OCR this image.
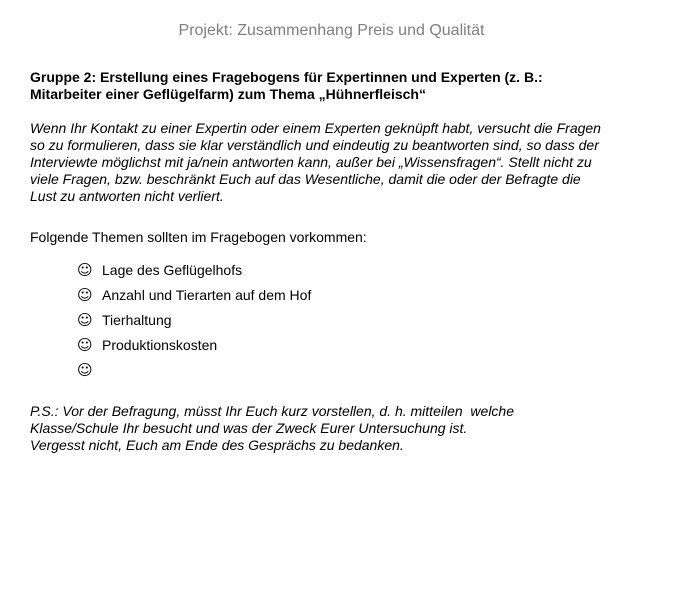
Projekt: Zusammenhang Preis und Qualität
Gruppe 2: Erstellung eines Fragebogens für Expertinnen und Experten (z. B.:
Mitarbeiter einer Geflügelfarm) zum Thema „Hühnerfleisch“
Wenn Ihr Kontakt zu einer Expertin oder einem Experten geknüpft habt, versucht die Fragen
so zu formulieren, dass sie klar verständlich und eindeutig zu beantworten sind, so dass der
Interviewte möglichst mit ja/nein antworten kann, außer bei „Wissensfragen“. Stellt nicht zu
viele Fragen, bzw. beschränkt Euch auf das Wesentliche, damit die oder der Befragte die
Lust zu antworten nicht verliert.
Folgende Themen sollten im Fragebogen vorkommen:
☺ Lage des Geflügelhofs
☺ Anzahl und Tierarten auf dem Hof
☺ Tierhaltung
☺ Produktionskosten
☺
P.S.: Vor der Befragung, müsst Ihr Euch kurz vorstellen, d. h. mitteilen  welche
Klasse/Schule Ihr besucht und was der Zweck Eurer Untersuchung ist.
Vergesst nicht, Euch am Ende des Gesprächs zu bedanken.
